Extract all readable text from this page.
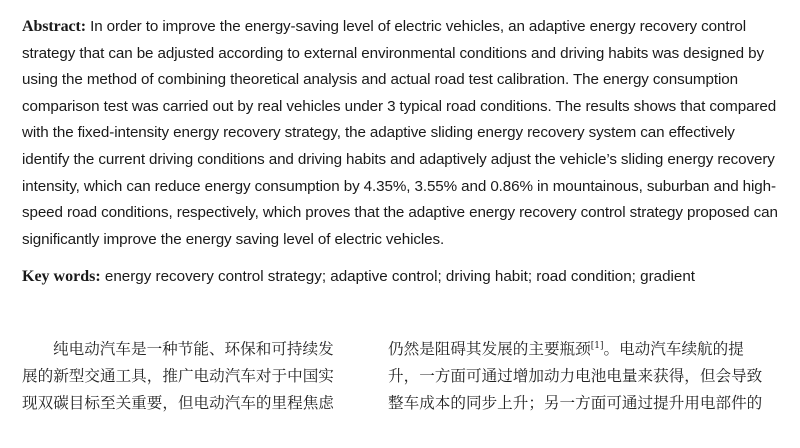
Abstract: In order to improve the energy-saving level of electric vehicles, an adaptive energy recovery control strategy that can be adjusted according to external environmental conditions and driving habits was designed by using the method of combining theoretical analysis and actual road test calibration. The energy consumption comparison test was carried out by real vehicles under 3 typical road conditions. The results shows that compared with the fixed-intensity energy recovery strategy, the adaptive sliding energy recovery system can effectively identify the current driving conditions and driving habits and adaptively adjust the vehicle’s sliding energy recovery intensity, which can reduce energy consumption by 4.35%, 3.55% and 0.86% in mountainous, suburban and high-speed road conditions, respectively, which proves that the adaptive energy recovery control strategy proposed can significantly improve the energy saving level of electric vehicles.
Key words: energy recovery control strategy; adaptive control; driving habit; road condition; gradient
纯电动汽车是一种节能、环保和可持续发
展的新型交通工具，推广电动汽车对于中国实
现双碳目标至关重要，但电动汽车的里程焦虑
仍然是阻碍其发展的主要瓶颈[1]。电动汽车续航的提
升，一方面可通过增加动力电池电量来获得，但会导致
整车成本的同步上升；另一方面可通过提升用电部件的
